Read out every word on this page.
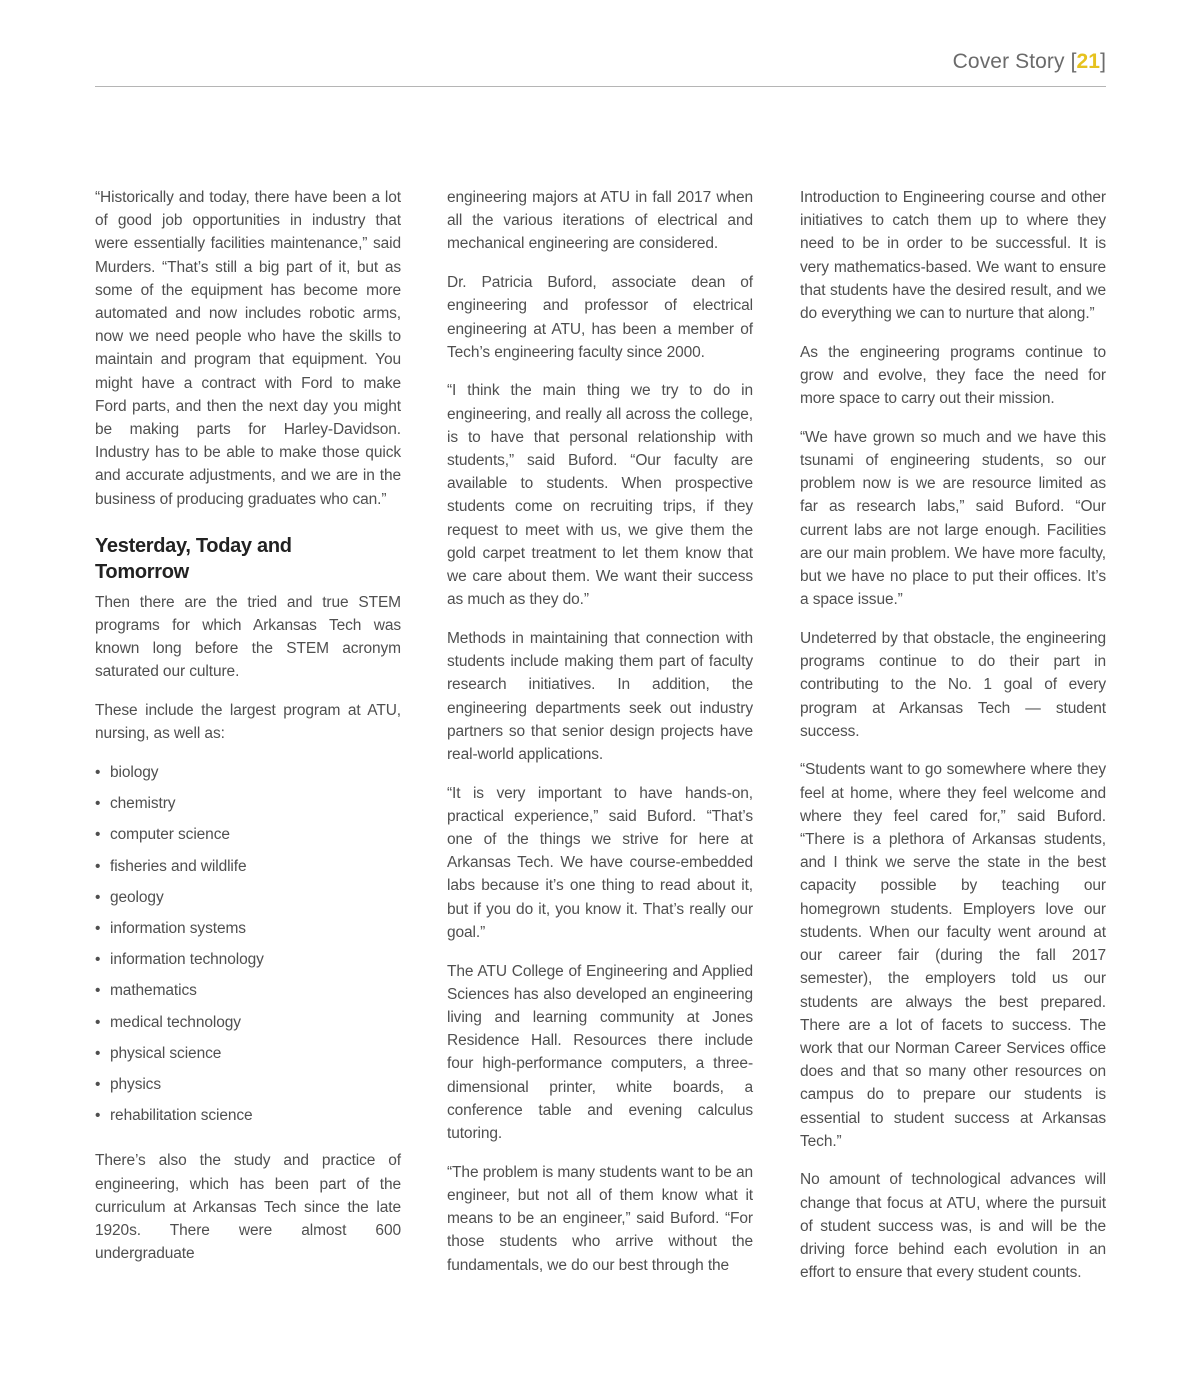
Cover Story [21]

“Historically and today, there have been a lot of good job opportunities in industry that were essentially facilities maintenance,” said Murders. “That’s still a big part of it, but as some of the equipment has become more automated and now includes robotic arms, now we need people who have the skills to maintain and program that equipment. You might have a contract with Ford to make Ford parts, and then the next day you might be making parts for Harley-Davidson. Industry has to be able to make those quick and accurate adjustments, and we are in the business of producing graduates who can.”

Yesterday, Today and Tomorrow

Then there are the tried and true STEM programs for which Arkansas Tech was known long before the STEM acronym saturated our culture.

These include the largest program at ATU, nursing, as well as:

• biology
• chemistry
• computer science
• fisheries and wildlife
• geology
• information systems
• information technology
• mathematics
• medical technology
• physical science
• physics
• rehabilitation science

There’s also the study and practice of engineering, which has been part of the curriculum at Arkansas Tech since the late 1920s. There were almost 600 undergraduate

engineering majors at ATU in fall 2017 when all the various iterations of electrical and mechanical engineering are considered.

Dr. Patricia Buford, associate dean of engineering and professor of electrical engineering at ATU, has been a member of Tech’s engineering faculty since 2000.

“I think the main thing we try to do in engineering, and really all across the college, is to have that personal relationship with students,” said Buford. “Our faculty are available to students. When prospective students come on recruiting trips, if they request to meet with us, we give them the gold carpet treatment to let them know that we care about them. We want their success as much as they do.”

Methods in maintaining that connection with students include making them part of faculty research initiatives. In addition, the engineering departments seek out industry partners so that senior design projects have real-world applications.

“It is very important to have hands-on, practical experience,” said Buford. “That’s one of the things we strive for here at Arkansas Tech. We have course-embedded labs because it’s one thing to read about it, but if you do it, you know it. That’s really our goal.”

The ATU College of Engineering and Applied Sciences has also developed an engineering living and learning community at Jones Residence Hall. Resources there include four high-performance computers, a three-dimensional printer, white boards, a conference table and evening calculus tutoring.

“The problem is many students want to be an engineer, but not all of them know what it means to be an engineer,” said Buford. “For those students who arrive without the fundamentals, we do our best through the

Introduction to Engineering course and other initiatives to catch them up to where they need to be in order to be successful. It is very mathematics-based. We want to ensure that students have the desired result, and we do everything we can to nurture that along.”

As the engineering programs continue to grow and evolve, they face the need for more space to carry out their mission.

“We have grown so much and we have this tsunami of engineering students, so our problem now is we are resource limited as far as research labs,” said Buford. “Our current labs are not large enough. Facilities are our main problem. We have more faculty, but we have no place to put their offices. It’s a space issue.”

Undeterred by that obstacle, the engineering programs continue to do their part in contributing to the No. 1 goal of every program at Arkansas Tech — student success.

“Students want to go somewhere where they feel at home, where they feel welcome and where they feel cared for,” said Buford. “There is a plethora of Arkansas students, and I think we serve the state in the best capacity possible by teaching our homegrown students. Employers love our students. When our faculty went around at our career fair (during the fall 2017 semester), the employers told us our students are always the best prepared. There are a lot of facets to success. The work that our Norman Career Services office does and that so many other resources on campus do to prepare our students is essential to student success at Arkansas Tech.”

No amount of technological advances will change that focus at ATU, where the pursuit of student success was, is and will be the driving force behind each evolution in an effort to ensure that every student counts.
